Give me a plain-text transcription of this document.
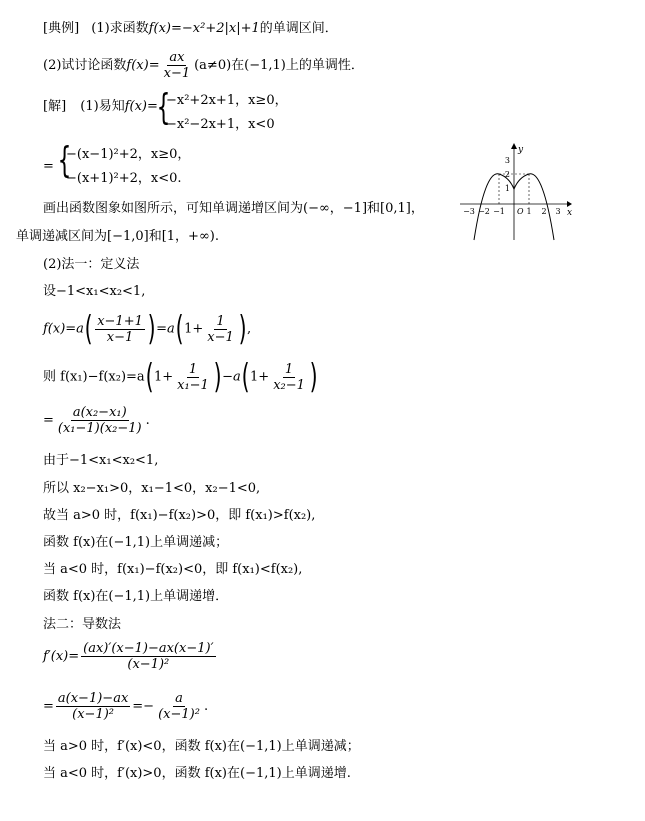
[典例] (1)求函数f(x)=−x²+2|x|+1的单调区间．
(2)试讨论函数$f(x)= \frac{ax}{x-1} (a\ne 0)$在(−1,1)上的单调性．
[解] (1)易知f(x)=
{
−x²+2x+1，x≥0，
−x²−2x+1，x<0
= {
−(x−1)²+2，x≥0，
−(x+1)²+2，x<0.
画出函数图象如图所示，可知单调递增区间为(−∞，−1]和[0,1]，
单调递减区间为[−1,0]和[1，+∞).
y
x
O
−3 −2 −1	1 2 3
3
2
1
(2)法一：定义法
设−1<x₁<x₂<1,
$f(x)=a( \frac{x-1+1}{x-1} )=a(1+ \frac{1}{x-1}$ ),
则 $f(x_1)-f(x_2)=a(1+ \frac{1}{\text{x₁−1}} )-a(1+ \frac{1}{\text{x₂−1}}$ )
= $\frac{\text{a(x₂−x₁)}}{\text{(x₁−1)(x₂−1)}}$ .
由于−1<x₁<x₂<1,
所以 x₂−x₁>0，x₁−1<0，x₂−1<0,
故当 a>0 时，f(x₁)−f(x₂)>0，即 f(x₁)>f(x₂),
函数 f(x)在(−1,1)上单调递减；
当 a<0 时，f(x₁)−f(x₂)<0，即 f(x₁)<f(x₂),
函数 f(x)在(−1,1)上单调递增．
法二：导数法
$f'(x)= \frac{(ax)'(x-1)-ax(x-1)'}{\text{(x−1)²}}$
= $\frac{a(x-1)-ax}{\text{(x−1)²}} =- \frac{a}{\text{(x−1)²}}$ .
当 a>0 时，f′(x)<0，函数 f(x)在(−1,1)上单调递减；
当 a<0 时，f′(x)>0，函数 f(x)在(−1,1)上单调递增.
